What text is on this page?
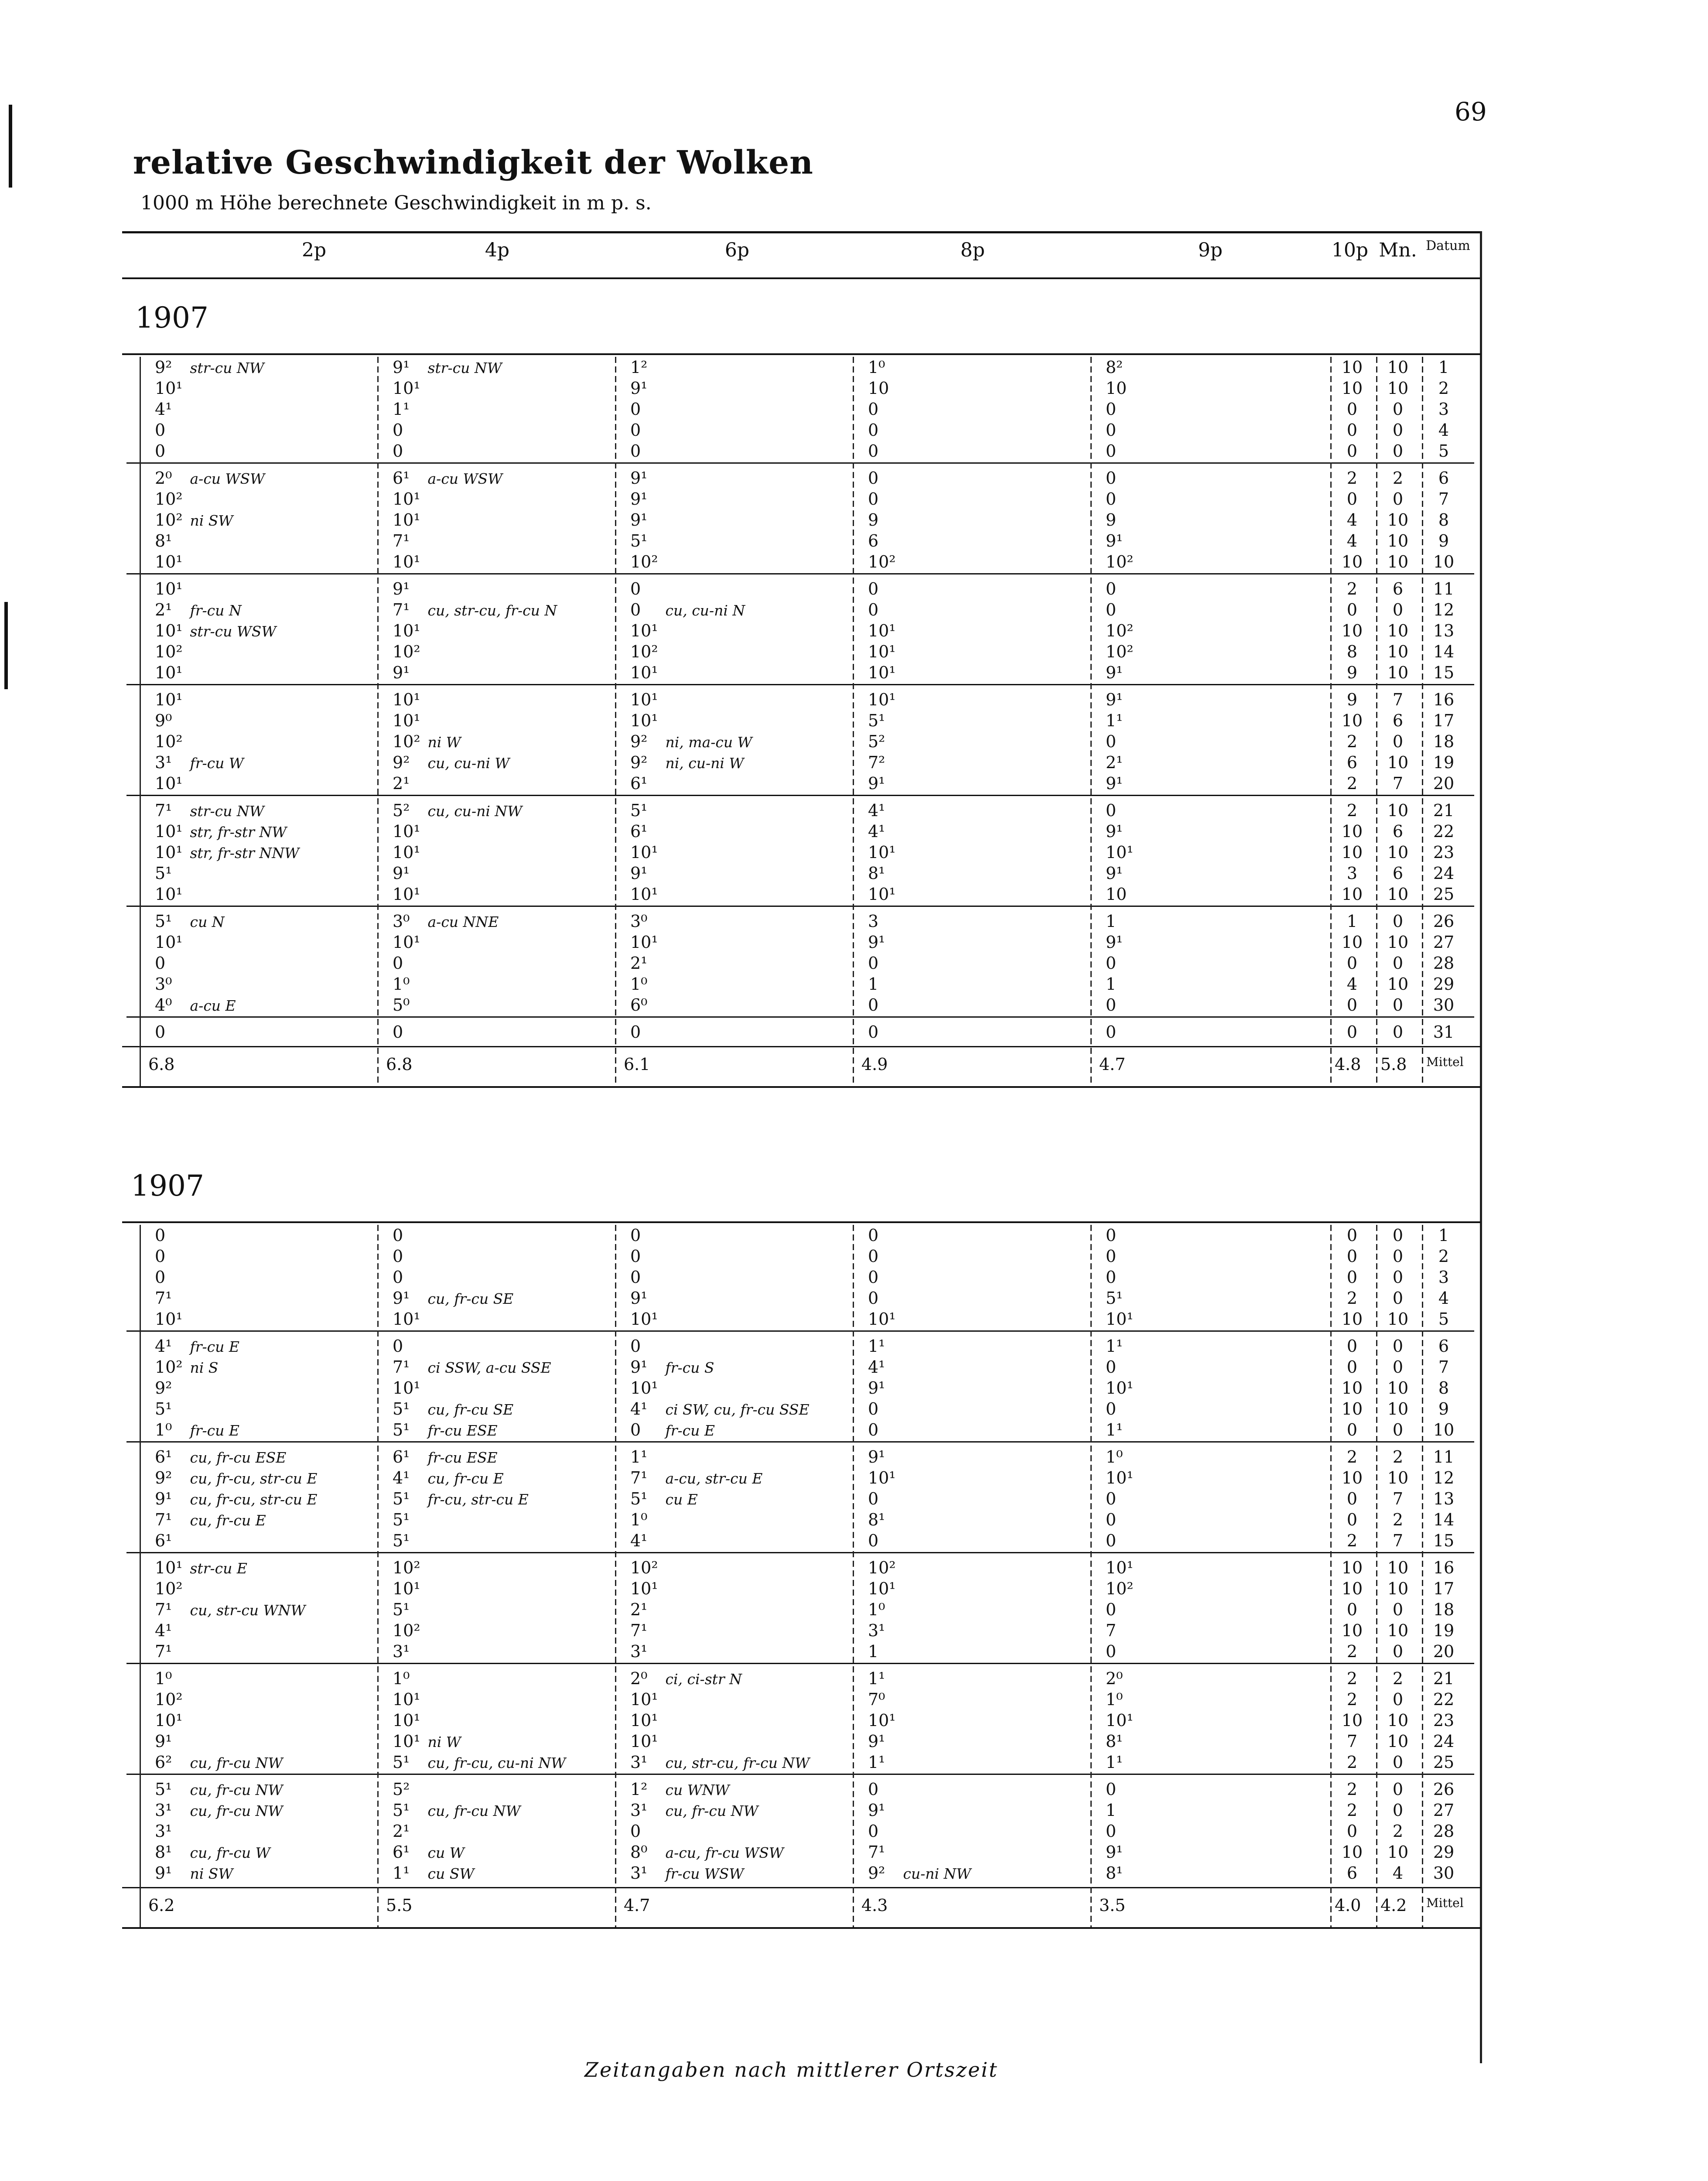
69
relative Geschwindigkeit der Wolken
1000 m Höhe berechnete Geschwindigkeit in m p. s.
2p	4p	6p	8p	9p	10p Mn. Datum
1907
9² str-cu NW	9¹ str-cu NW	1²	1⁰	8²	10	10	1
10¹	10¹	9¹	10	10	10	10	2
4¹	1¹	0	0	0	0	0	3
0	0	0	0	0	0	0	4
0	0	0	0	0	0	0	5
2⁰ a-cu WSW	6¹ a-cu WSW	9¹	0	0	2	2	6
10²	10¹	9¹	0	0	0	0	7
10² ni SW	10¹	9¹	9	9	4	10	8
8¹	7¹	5¹	6	9¹	4	10	9
10¹	10¹	10²	10²	10²	10	10	10
10¹	9¹	0	0	0	2	6	11
2¹ fr-cu N	7¹ cu, str-cu, fr-cu N	0 cu, cu-ni N	0	0	0	0	12
10¹ str-cu WSW	10¹	10¹	10¹	10²	10	10	13
10²	10²	10²	10¹	10²	8	10	14
10¹	9¹	10¹	10¹	9¹	9	10	15
10¹	10¹	10¹	10¹	9¹	9	7	16
9⁰	10¹	10¹	5¹	1¹	10	6	17
10²	10² ni W	9² ni, ma-cu W	5²	0	2	0	18
3¹ fr-cu W	9² cu, cu-ni W	9² ni, cu-ni W	7²	2¹	6	10	19
10¹	2¹	6¹	9¹	9¹	2	7	20
7¹ str-cu NW	5² cu, cu-ni NW	5¹	4¹	0	2	10	21
10¹ str, fr-str NW	10¹	6¹	4¹	9¹	10	6	22
10¹ str, fr-str NNW	10¹	10¹	10¹	10¹	10	10	23
5¹	9¹	9¹	8¹	9¹	3	6	24
10¹	10¹	10¹	10¹	10	10	10	25
5¹ cu N	3⁰ a-cu NNE	3⁰	3	1	1	0	26
10¹	10¹	10¹	9¹	9¹	10	10	27
0	0	2¹	0	0	0	0	28
3⁰	1⁰	1⁰	1	1	4	10	29
4⁰ a-cu E	5⁰	6⁰	0	0	0	0	30
0	0	0	0	0	0	0	31
6.8	6.8	6.1	4.9	4.7	4.8 5.8 Mittel
1907
0	0	0	0	0	0	0	1
0	0	0	0	0	0	0	2
0	0	0	0	0	0	0	3
7¹	9¹ cu, fr-cu SE	9¹	0	5¹	2	0	4
10¹	10¹	10¹	10¹	10¹	10	10	5
4¹ fr-cu E	0	0	1¹	1¹	0	0	6
10² ni S	7¹ ci SSW, a-cu SSE	9¹ fr-cu S	4¹	0	0	0	7
9²	10¹	10¹	9¹	10¹	10	10	8
5¹	5¹ cu, fr-cu SE	4¹ ci SW, cu, fr-cu SSE	0	0	10	10	9
1⁰ fr-cu E	5¹ fr-cu ESE	0 fr-cu E	0	1¹	0	0	10
6¹ cu, fr-cu ESE	6¹ fr-cu ESE	1¹	9¹	1⁰	2	2	11
9² cu, fr-cu, str-cu E	4¹ cu, fr-cu E	7¹ a-cu, str-cu E	10¹	10¹	10	10	12
9¹ cu, fr-cu, str-cu E	5¹ fr-cu, str-cu E	5¹ cu E	0	0	0	7	13
7¹ cu, fr-cu E	5¹	1⁰	8¹	0	0	2	14
6¹	5¹	4¹	0	0	2	7	15
10¹ str-cu E	10²	10²	10²	10¹	10	10	16
10²	10¹	10¹	10¹	10²	10	10	17
7¹ cu, str-cu WNW	5¹	2¹	1⁰	0	0	0	18
4¹	10²	7¹	3¹	7	10	10	19
7¹	3¹	3¹	1	0	2	0	20
1⁰	1⁰	2⁰ ci, ci-str N	1¹	2⁰	2	2	21
10²	10¹	10¹	7⁰	1⁰	2	0	22
10¹	10¹	10¹	10¹	10¹	10	10	23
9¹	10¹ ni W	10¹	9¹	8¹	7	10	24
6² cu, fr-cu NW	5¹ cu, fr-cu, cu-ni NW	3¹ cu, str-cu, fr-cu NW	1¹	1¹	2	0	25
5¹ cu, fr-cu NW	5²	1² cu WNW	0	0	2	0	26
3¹ cu, fr-cu NW	5¹ cu, fr-cu NW	3¹ cu, fr-cu NW	9¹	1	2	0	27
3¹	2¹	0	0	0	0	2	28
8¹ cu, fr-cu W	6¹ cu W	8⁰ a-cu, fr-cu WSW	7¹	9¹	10	10	29
9¹ ni SW	1¹ cu SW	3¹ fr-cu WSW	9² cu-ni NW	8¹	6	4	30
6.2	5.5	4.7	4.3	3.5	4.0 4.2 Mittel
Zeitangaben nach mittlerer Ortszeit
